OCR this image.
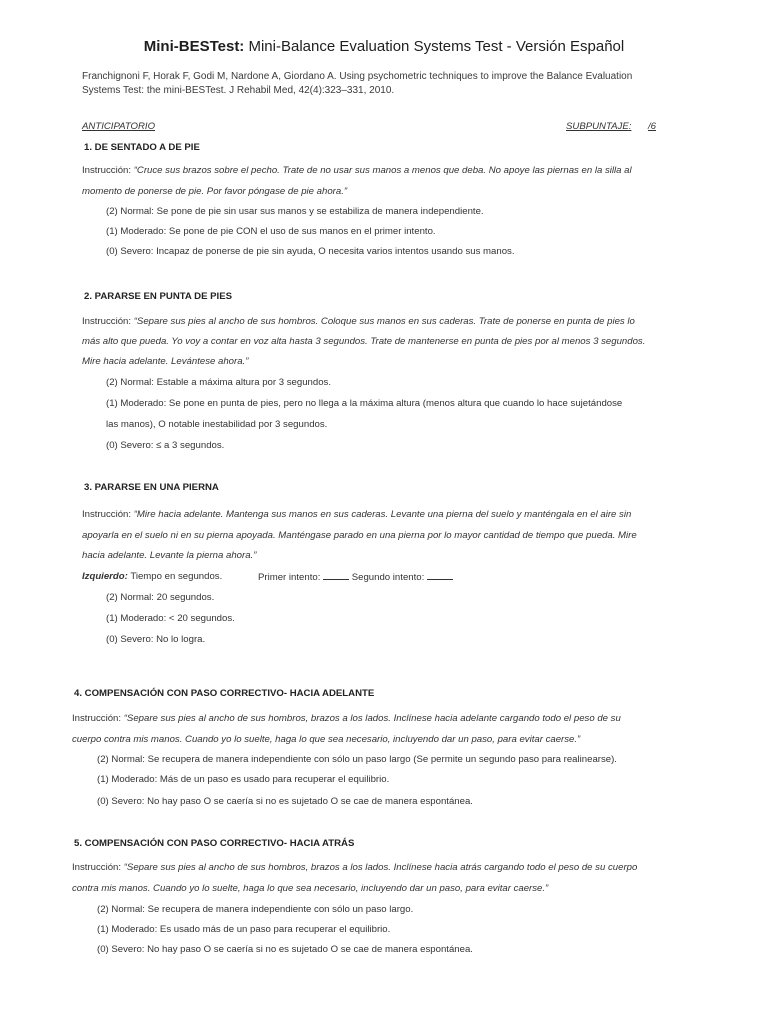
Mini-BESTest: Mini-Balance Evaluation Systems Test - Versión Español
Franchignoni F, Horak F, Godi M, Nardone A, Giordano A. Using psychometric techniques to improve the Balance Evaluation
Systems Test: the mini-BESTest. J Rehabil Med, 42(4):323–331, 2010.
ANTICIPATORIO	SUBPUNTAJE: /6
1. DE SENTADO A DE PIE
Instrucción: “Cruce sus brazos sobre el pecho. Trate de no usar sus manos a menos que deba. No apoye las piernas en la silla al
momento de ponerse de pie. Por favor póngase de pie ahora.”
(2) Normal: Se pone de pie sin usar sus manos y se estabiliza de manera independiente.
(1) Moderado: Se pone de pie CON el uso de sus manos en el primer intento.
(0) Severo: Incapaz de ponerse de pie sin ayuda, O necesita varios intentos usando sus manos.
2. PARARSE EN PUNTA DE PIES
Instrucción: “Separe sus pies al ancho de sus hombros. Coloque sus manos en sus caderas. Trate de ponerse en punta de pies lo
más alto que pueda. Yo voy a contar en voz alta hasta 3 segundos. Trate de mantenerse en punta de pies por al menos 3 segundos.
Mire hacia adelante. Levántese ahora.”
(2) Normal: Estable a máxima altura por 3 segundos.
(1) Moderado: Se pone en punta de pies, pero no llega a la máxima altura (menos altura que cuando lo hace sujetándose
las manos), O notable inestabilidad por 3 segundos.
(0) Severo: ≤ a 3 segundos.
3. PARARSE EN UNA PIERNA
Instrucción: “Mire hacia adelante. Mantenga sus manos en sus caderas. Levante una pierna del suelo y manténgala en el aire sin
apoyarla en el suelo ni en su pierna apoyada. Manténgase parado en una pierna por lo mayor cantidad de tiempo que pueda. Mire
hacia adelante. Levante la pierna ahora.”
Izquierdo: Tiempo en segundos.	Primer intento:	Segundo intento:
(2) Normal: 20 segundos.
(1) Moderado: < 20 segundos.
(0) Severo: No lo logra.
4. COMPENSACIÓN CON PASO CORRECTIVO- HACIA ADELANTE
Instrucción: “Separe sus pies al ancho de sus hombros, brazos a los lados. Inclínese hacia adelante cargando todo el peso de su
cuerpo contra mis manos. Cuando yo lo suelte, haga lo que sea necesario, incluyendo dar un paso, para evitar caerse.”
(2) Normal: Se recupera de manera independiente con sólo un paso largo (Se permite un segundo paso para realinearse).
(1) Moderado: Más de un paso es usado para recuperar el equilibrio.
(0) Severo: No hay paso O se caería si no es sujetado O se cae de manera espontánea.
5. COMPENSACIÓN CON PASO CORRECTIVO- HACIA ATRÁS
Instrucción: “Separe sus pies al ancho de sus hombros, brazos a los lados. Inclínese hacia atrás cargando todo el peso de su cuerpo
contra mis manos. Cuando yo lo suelte, haga lo que sea necesario, incluyendo dar un paso, para evitar caerse.”
(2) Normal: Se recupera de manera independiente con sólo un paso largo.
(1) Moderado: Es usado más de un paso para recuperar el equilibrio.
(0) Severo: No hay paso O se caería si no es sujetado O se cae de manera espontánea.
